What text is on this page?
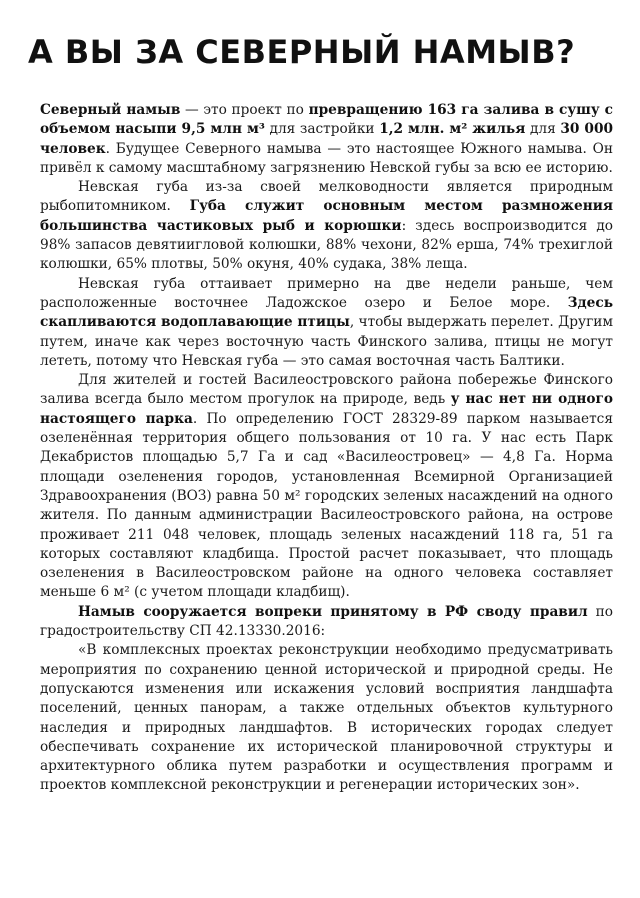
А ВЫ ЗА СЕВЕРНЫЙ НАМЫВ?

Северный намыв — это проект по превращению 163 га залива в сушу с объемом насыпи 9,5 млн м³ для застройки 1,2 млн. м² жилья для 30 000 человек. Будущее Северного намыва — это настоящее Южного намыва. Он привёл к самому масштабному загрязнению Невской губы за всю ее историю.

Невская губа из-за своей мелководности является природным рыбопитомником. Губа служит основным местом размножения большинства частиковых рыб и корюшки: здесь воспроизводится до 98% запасов девятиигловой колюшки, 88% чехони, 82% ерша, 74% трехиглой колюшки, 65% плотвы, 50% окуня, 40% судака, 38% леща.

Невская губа оттаивает примерно на две недели раньше, чем расположенные восточнее Ладожское озеро и Белое море. Здесь скапливаются водоплавающие птицы, чтобы выдержать перелет. Другим путем, иначе как через восточную часть Финского залива, птицы не могут лететь, потому что Невская губа — это самая восточная часть Балтики.

Для жителей и гостей Василеостровского района побережье Финского залива всегда было местом прогулок на природе, ведь у нас нет ни одного настоящего парка. По определению ГОСТ 28329-89 парком называется озеленённая территория общего пользования от 10 га. У нас есть Парк Декабристов площадью 5,7 Га и сад «Василеостровец» — 4,8 Га. Норма площади озеленения городов, установленная Всемирной Организацией Здравоохранения (ВОЗ) равна 50 м² городских зеленых насаждений на одного жителя. По данным администрации Василеостровского района, на острове проживает 211 048 человек, площадь зеленых насаждений 118 га, 51 га которых составляют кладбища. Простой расчет показывает, что площадь озеленения в Василеостровском районе на одного человека составляет меньше 6 м² (с учетом площади кладбищ).

Намыв сооружается вопреки принятому в РФ своду правил по градостроительству СП 42.13330.2016:

«В комплексных проектах реконструкции необходимо предусматривать мероприятия по сохранению ценной исторической и природной среды. Не допускаются изменения или искажения условий восприятия ландшафта поселений, ценных панорам, а также отдельных объектов культурного наследия и природных ландшафтов. В исторических городах следует обеспечивать сохранение их исторической планировочной структуры и архитектурного облика путем разработки и осуществления программ и проектов комплексной реконструкции и регенерации исторических зон».
